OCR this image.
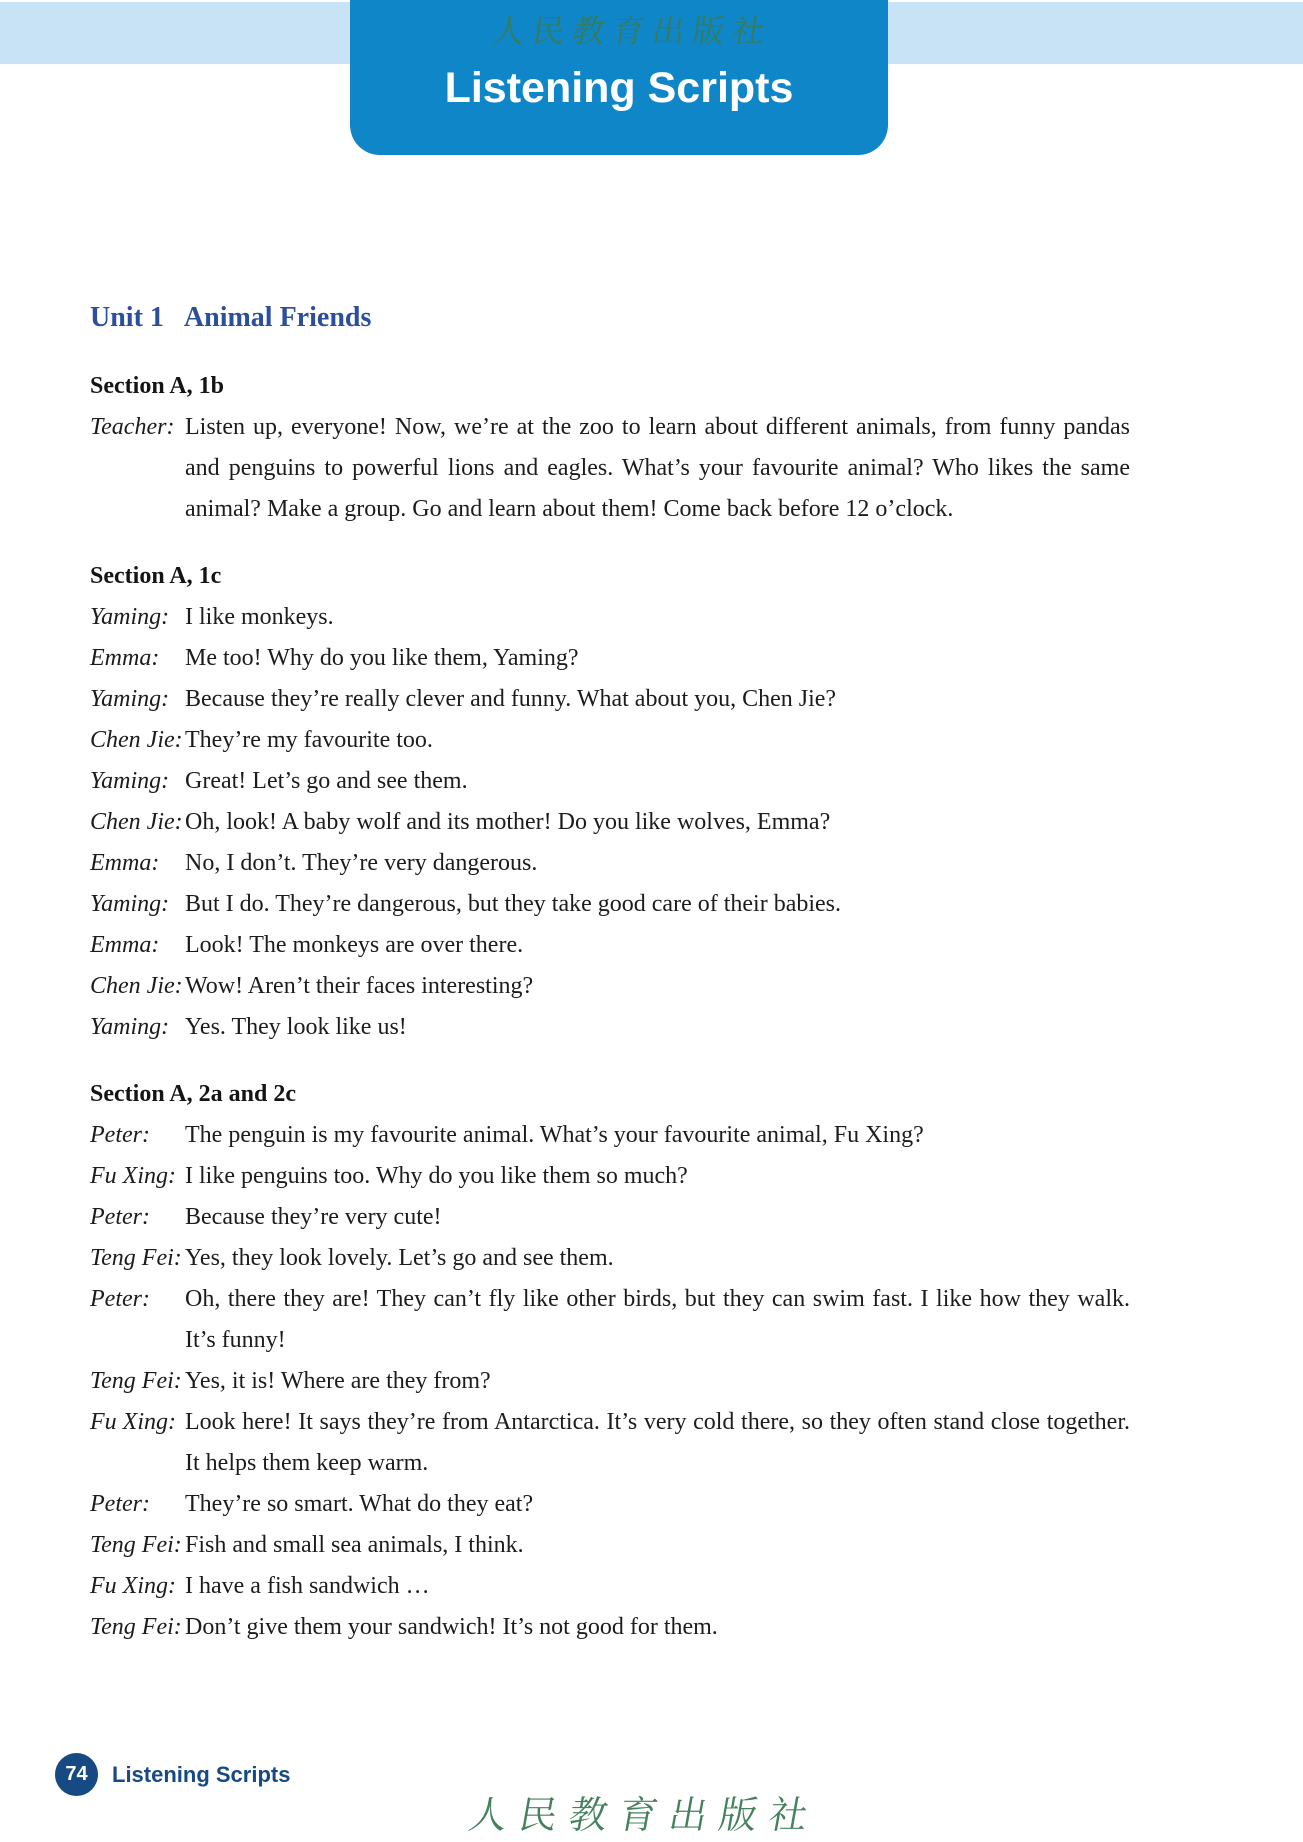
人民教育出版社
Listening Scripts
Unit 1 Animal Friends
Section A, 1b
Teacher: Listen up, everyone! Now, we’re at the zoo to learn about different animals, from funny pandas and penguins to powerful lions and eagles. What’s your favourite animal? Who likes the same animal? Make a group. Go and learn about them! Come back before 12 o’clock.
Section A, 1c
Yaming: I like monkeys.
Emma: Me too! Why do you like them, Yaming?
Yaming: Because they’re really clever and funny. What about you, Chen Jie?
Chen Jie: They’re my favourite too.
Yaming: Great! Let’s go and see them.
Chen Jie: Oh, look! A baby wolf and its mother! Do you like wolves, Emma?
Emma: No, I don’t. They’re very dangerous.
Yaming: But I do. They’re dangerous, but they take good care of their babies.
Emma: Look! The monkeys are over there.
Chen Jie: Wow! Aren’t their faces interesting?
Yaming: Yes. They look like us!
Section A, 2a and 2c
Peter: The penguin is my favourite animal. What’s your favourite animal, Fu Xing?
Fu Xing: I like penguins too. Why do you like them so much?
Peter: Because they’re very cute!
Teng Fei: Yes, they look lovely. Let’s go and see them.
Peter: Oh, there they are! They can’t fly like other birds, but they can swim fast. I like how they walk. It’s funny!
Teng Fei: Yes, it is! Where are they from?
Fu Xing: Look here! It says they’re from Antarctica. It’s very cold there, so they often stand close together. It helps them keep warm.
Peter: They’re so smart. What do they eat?
Teng Fei: Fish and small sea animals, I think.
Fu Xing: I have a fish sandwich …
Teng Fei: Don’t give them your sandwich! It’s not good for them.
74	Listening Scripts
人民教育出版社
